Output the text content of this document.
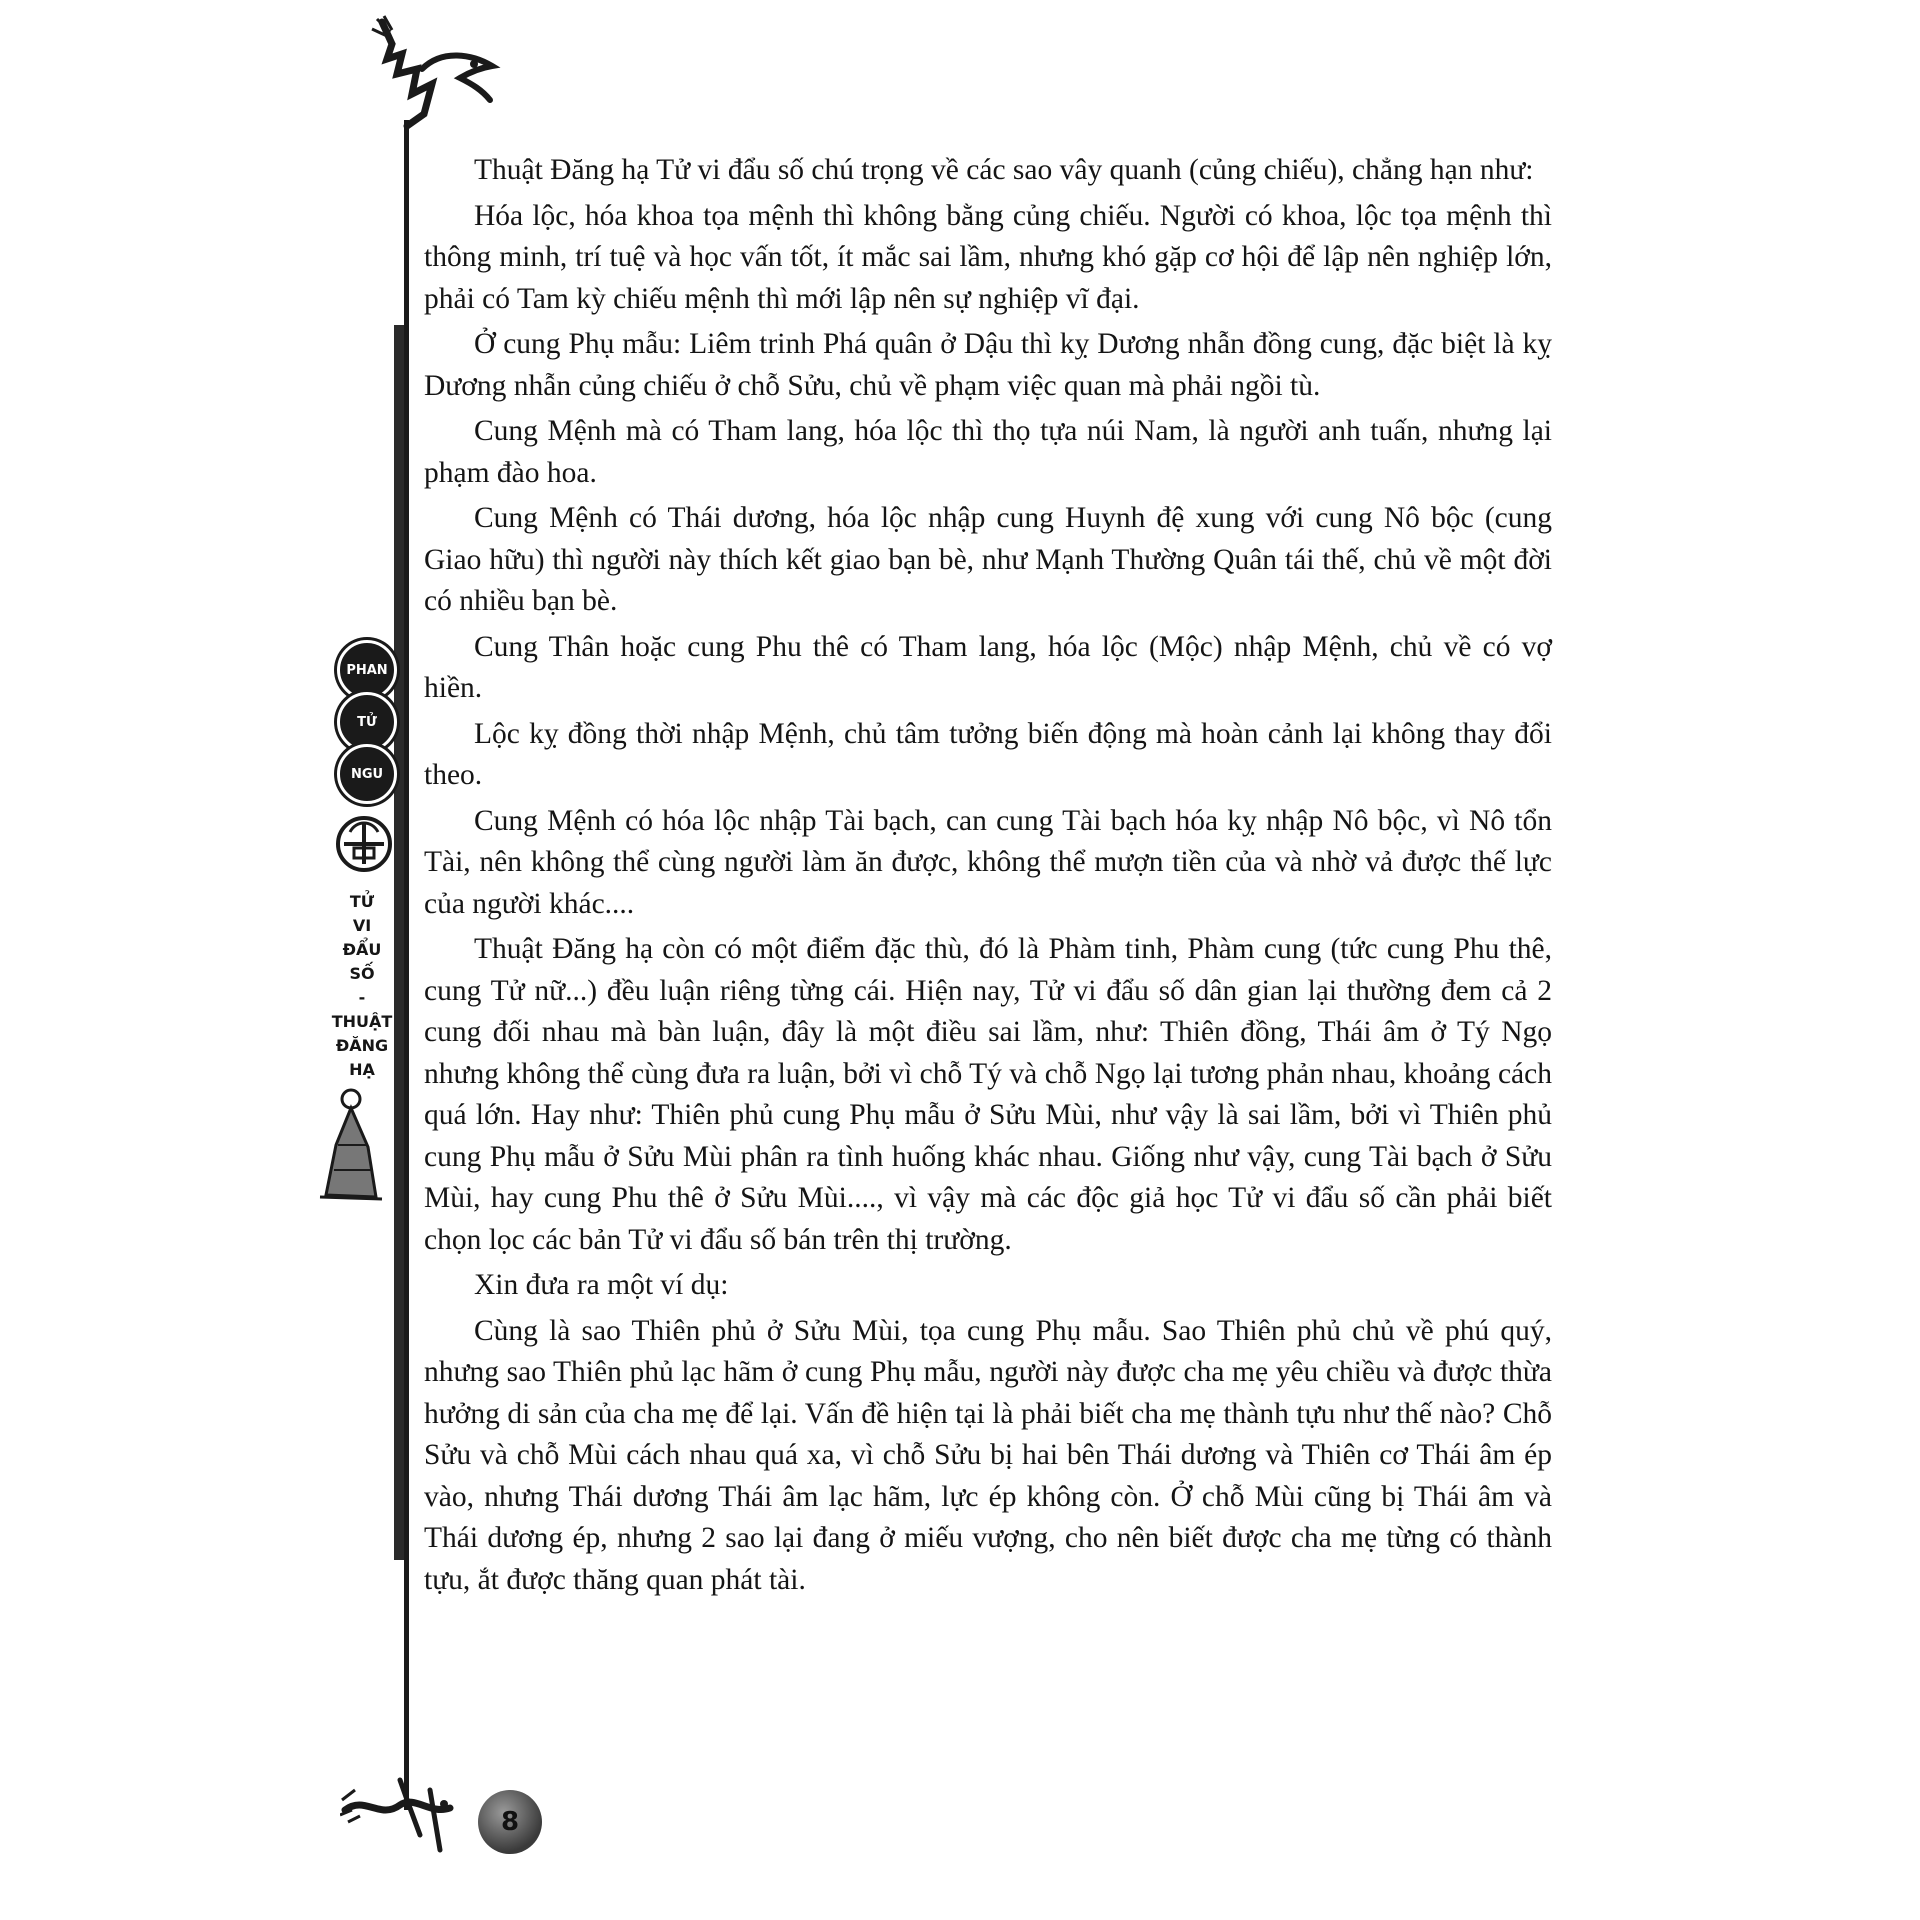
PHAN
TỬ
NGU
TỬ
VI
ĐẨU
SỐ
-
THUẬT
ĐĂNG
HẠ
8

Thuật Đăng hạ Tử vi đẩu số chú trọng về các sao vây quanh (củng chiếu), chẳng hạn như:

Hóa lộc, hóa khoa tọa mệnh thì không bằng củng chiếu. Người có khoa, lộc tọa mệnh thì thông minh, trí tuệ và học vấn tốt, ít mắc sai lầm, nhưng khó gặp cơ hội để lập nên nghiệp lớn, phải có Tam kỳ chiếu mệnh thì mới lập nên sự nghiệp vĩ đại.

Ở cung Phụ mẫu: Liêm trinh Phá quân ở Dậu thì kỵ Dương nhẫn đồng cung, đặc biệt là kỵ Dương nhẫn củng chiếu ở chỗ Sửu, chủ về phạm việc quan mà phải ngồi tù.

Cung Mệnh mà có Tham lang, hóa lộc thì thọ tựa núi Nam, là người anh tuấn, nhưng lại phạm đào hoa.

Cung Mệnh có Thái dương, hóa lộc nhập cung Huynh đệ xung với cung Nô bộc (cung Giao hữu) thì người này thích kết giao bạn bè, như Mạnh Thường Quân tái thế, chủ về một đời có nhiều bạn bè.

Cung Thân hoặc cung Phu thê có Tham lang, hóa lộc (Mộc) nhập Mệnh, chủ về có vợ hiền.

Lộc kỵ đồng thời nhập Mệnh, chủ tâm tưởng biến động mà hoàn cảnh lại không thay đổi theo.

Cung Mệnh có hóa lộc nhập Tài bạch, can cung Tài bạch hóa kỵ nhập Nô bộc, vì Nô tổn Tài, nên không thể cùng người làm ăn được, không thể mượn tiền của và nhờ vả được thế lực của người khác....

Thuật Đăng hạ còn có một điểm đặc thù, đó là Phàm tinh, Phàm cung (tức cung Phu thê, cung Tử nữ...) đều luận riêng từng cái. Hiện nay, Tử vi đẩu số dân gian lại thường đem cả 2 cung đối nhau mà bàn luận, đây là một điều sai lầm, như: Thiên đồng, Thái âm ở Tý Ngọ nhưng không thể cùng đưa ra luận, bởi vì chỗ Tý và chỗ Ngọ lại tương phản nhau, khoảng cách quá lớn. Hay như: Thiên phủ cung Phụ mẫu ở Sửu Mùi, như vậy là sai lầm, bởi vì Thiên phủ cung Phụ mẫu ở Sửu Mùi phân ra tình huống khác nhau. Giống như vậy, cung Tài bạch ở Sửu Mùi, hay cung Phu thê ở Sửu Mùi...., vì vậy mà các độc giả học Tử vi đẩu số cần phải biết chọn lọc các bản Tử vi đẩu số bán trên thị trường.

Xin đưa ra một ví dụ:

Cùng là sao Thiên phủ ở Sửu Mùi, tọa cung Phụ mẫu. Sao Thiên phủ chủ về phú quý, nhưng sao Thiên phủ lạc hãm ở cung Phụ mẫu, người này được cha mẹ yêu chiều và được thừa hưởng di sản của cha mẹ để lại. Vấn đề hiện tại là phải biết cha mẹ thành tựu như thế nào? Chỗ Sửu và chỗ Mùi cách nhau quá xa, vì chỗ Sửu bị hai bên Thái dương và Thiên cơ Thái âm ép vào, nhưng Thái dương Thái âm lạc hãm, lực ép không còn. Ở chỗ Mùi cũng bị Thái âm và Thái dương ép, nhưng 2 sao lại đang ở miếu vượng, cho nên biết được cha mẹ từng có thành tựu, ắt được thăng quan phát tài.
